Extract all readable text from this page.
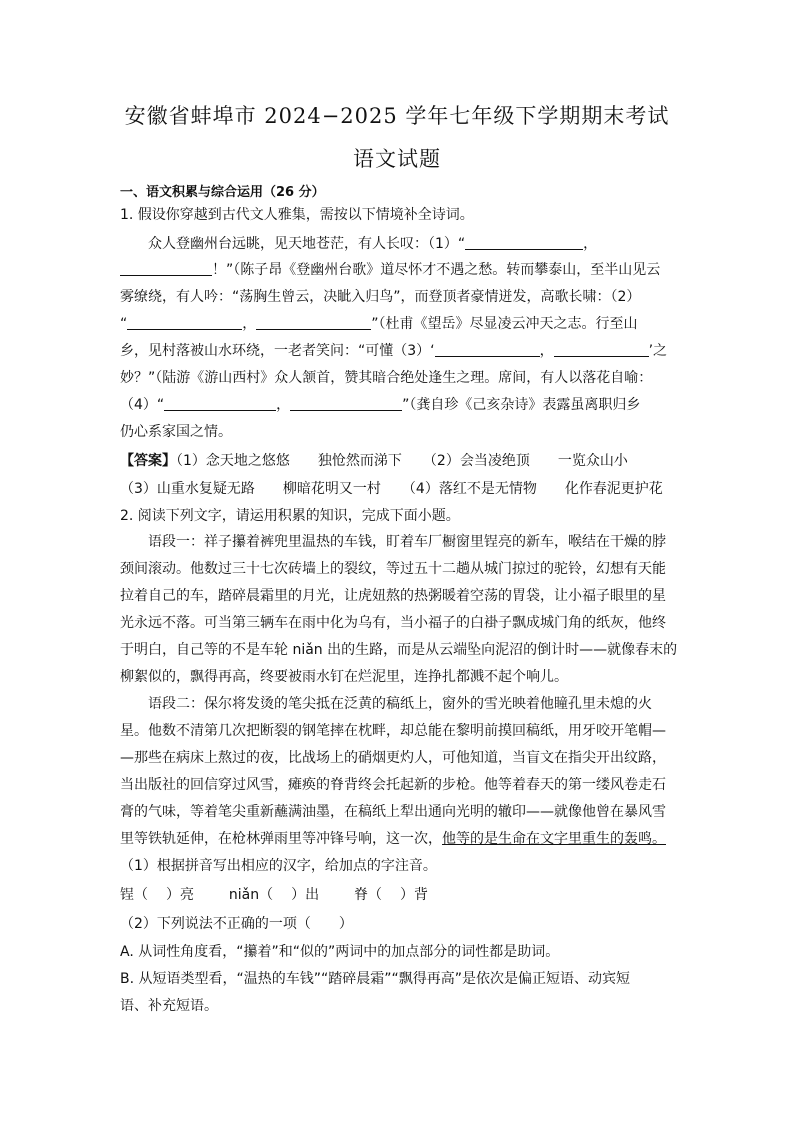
安徽省蚌埠市 2024−2025 学年七年级下学期期末考试
语文试题
一、语文积累与综合运用（26 分）
1. 假设你穿越到古代文人雅集，需按以下情境补全诗词。
众人登幽州台远眺，见天地苍茫，有人长叹：（1）“	，
！”（陈子昂《登幽州台歌》道尽怀才不遇之愁。转而攀泰山，至半山见云
雾缭绕，有人吟：“荡胸生曾云，决眦入归鸟”，而登顶者豪情迸发，高歌长啸：（2）
“	，	”（杜甫《望岳》尽显凌云冲天之志。行至山
乡，见村落被山水环绕，一老者笑问：“可懂（3）‘	，	’之
妙？”（陆游《游山西村》众人颔首，赞其暗合绝处逢生之理。席间，有人以落花自喻：
（4）“	，	”（龚自珍《己亥杂诗》表露虽离职归乡
仍心系家国之情。
【答案】（1）念天地之悠悠　　独怆然而涕下　　（2）会当凌绝顶　　一览众山小
（3）山重水复疑无路　　柳暗花明又一村　　（4）落红不是无情物　　化作春泥更护花
2. 阅读下列文字，请运用积累的知识，完成下面小题。
语段一：祥子攥着裤兜里温热的车钱，盯着车厂橱窗里锃亮的新车，喉结在干燥的脖
颈间滚动。他数过三十七次砖墙上的裂纹，等过五十二趟从城门掠过的驼铃，幻想有天能
拉着自己的车，踏碎晨霜里的月光，让虎妞熬的热粥暖着空荡的胃袋，让小福子眼里的星
光永远不落。可当第三辆车在雨中化为乌有，当小福子的白褂子飘成城门角的纸灰，他终
于明白，自己等的不是车轮 niǎn 出的生路，而是从云端坠向泥沼的倒计时——就像春末的
柳絮似的，飘得再高，终要被雨水钉在烂泥里，连挣扎都溅不起个响儿。
语段二：保尔将发烫的笔尖抵在泛黄的稿纸上，窗外的雪光映着他瞳孔里未熄的火
星。他数不清第几次把断裂的钢笔摔在枕畔，却总能在黎明前摸回稿纸，用牙咬开笔帽—
—那些在病床上熬过的夜，比战场上的硝烟更灼人，可他知道，当盲文在指尖开出纹路，
当出版社的回信穿过风雪，瘫痪的脊背终会托起新的步枪。他等着春天的第一缕风卷走石
膏的气味，等着笔尖重新蘸满油墨，在稿纸上犁出通向光明的辙印——就像他曾在暴风雪
里等铁轨延伸，在枪林弹雨里等冲锋号响，这一次，他等的是生命在文字里重生的轰鸣。
（1）根据拼音写出相应的汉字，给加点的字注音。
锃（ ）亮 niǎn（ ）出 脊（ ）背
（2）下列说法不正确的一项（　　）
A. 从词性角度看，“攥着”和“似的”两词中的加点部分的词性都是助词。
B. 从短语类型看，“温热的车钱”“踏碎晨霜”“飘得再高”是依次是偏正短语、动宾短
语、补充短语。
